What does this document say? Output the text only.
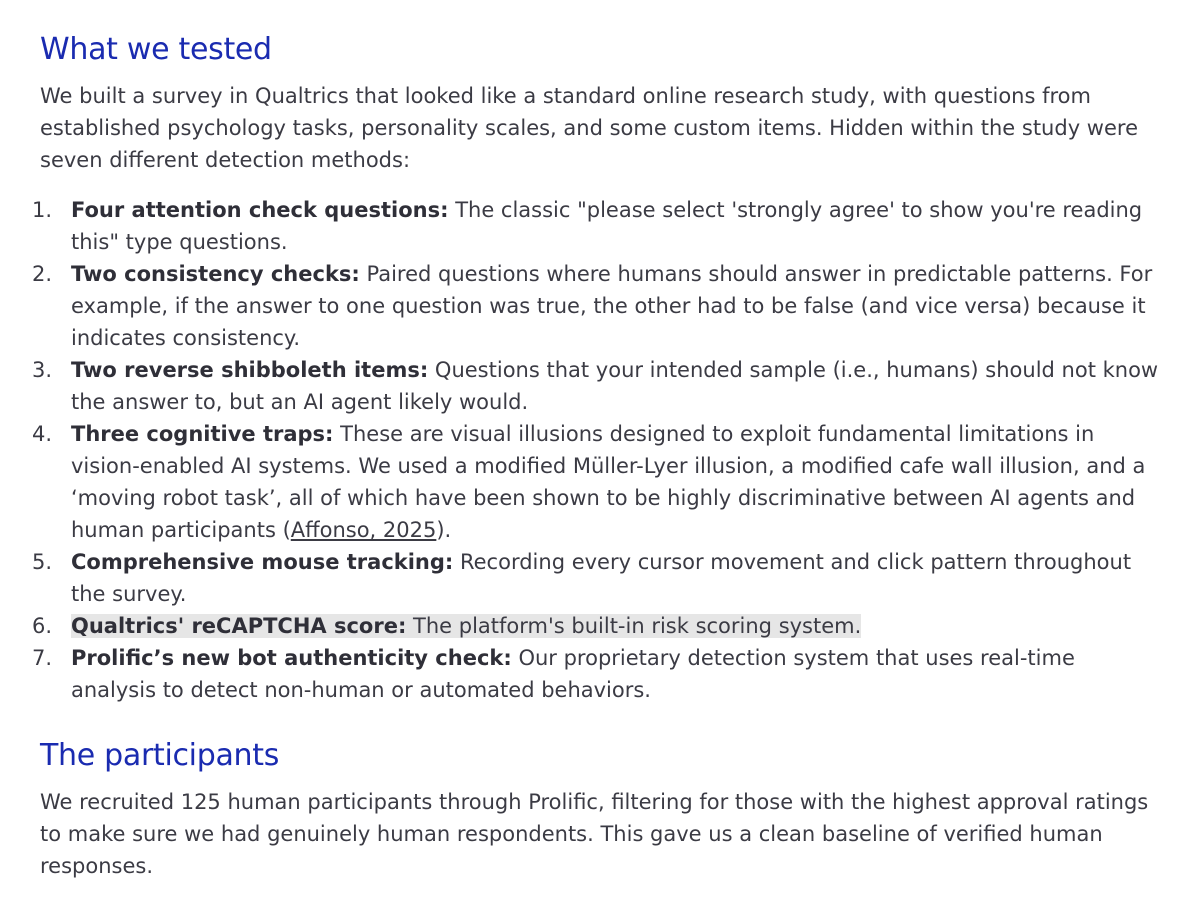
What we tested

We built a survey in Qualtrics that looked like a standard online research study, with questions from established psychology tasks, personality scales, and some custom items. Hidden within the study were seven different detection methods:

1. Four attention check questions: The classic "please select 'strongly agree' to show you're reading this" type questions.
2. Two consistency checks: Paired questions where humans should answer in predictable patterns. For example, if the answer to one question was true, the other had to be false (and vice versa) because it indicates consistency.
3. Two reverse shibboleth items: Questions that your intended sample (i.e., humans) should not know the answer to, but an AI agent likely would.
4. Three cognitive traps: These are visual illusions designed to exploit fundamental limitations in vision-enabled AI systems. We used a modified Müller-Lyer illusion, a modified cafe wall illusion, and a ‘moving robot task’, all of which have been shown to be highly discriminative between AI agents and human participants (Affonso, 2025).
5. Comprehensive mouse tracking: Recording every cursor movement and click pattern throughout the survey.
6. Qualtrics' reCAPTCHA score: The platform's built-in risk scoring system.
7. Prolific’s new bot authenticity check: Our proprietary detection system that uses real-time analysis to detect non-human or automated behaviors.
The participants

We recruited 125 human participants through Prolific, filtering for those with the highest approval ratings to make sure we had genuinely human respondents. This gave us a clean baseline of verified human responses.
